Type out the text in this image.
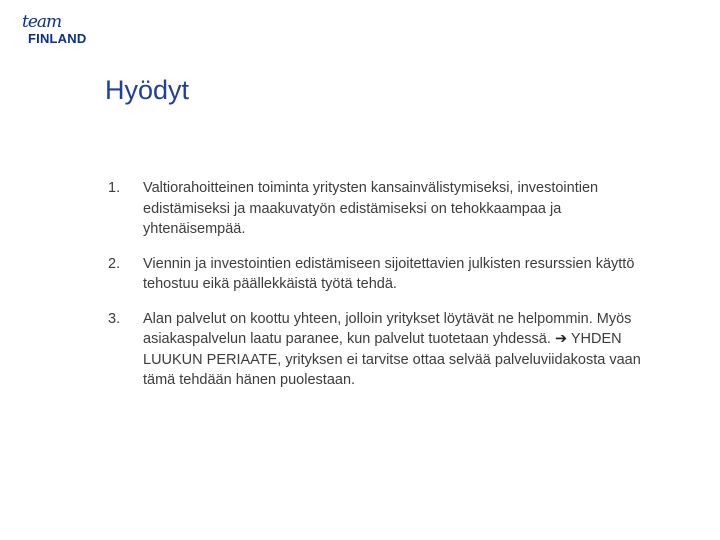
team
FINLAND
Hyödyt
1. Valtiorahoitteinen toiminta yritysten kansainvälistymiseksi, investointien edistämiseksi ja maakuvatyön edistämiseksi on tehokkaampaa ja yhtenäisempää.
2. Viennin ja investointien edistämiseen sijoitettavien julkisten resurssien käyttö tehostuu eikä päällekkäistä työtä tehdä.
3. Alan palvelut on koottu yhteen, jolloin yritykset löytävät ne helpommin. Myös asiakaspalvelun laatu paranee, kun palvelut tuotetaan yhdessä. ➔ YHDEN LUUKUN PERIAATE, yrityksen ei tarvitse ottaa selvää palveluviidakosta vaan tämä tehdään hänen puolestaan.
